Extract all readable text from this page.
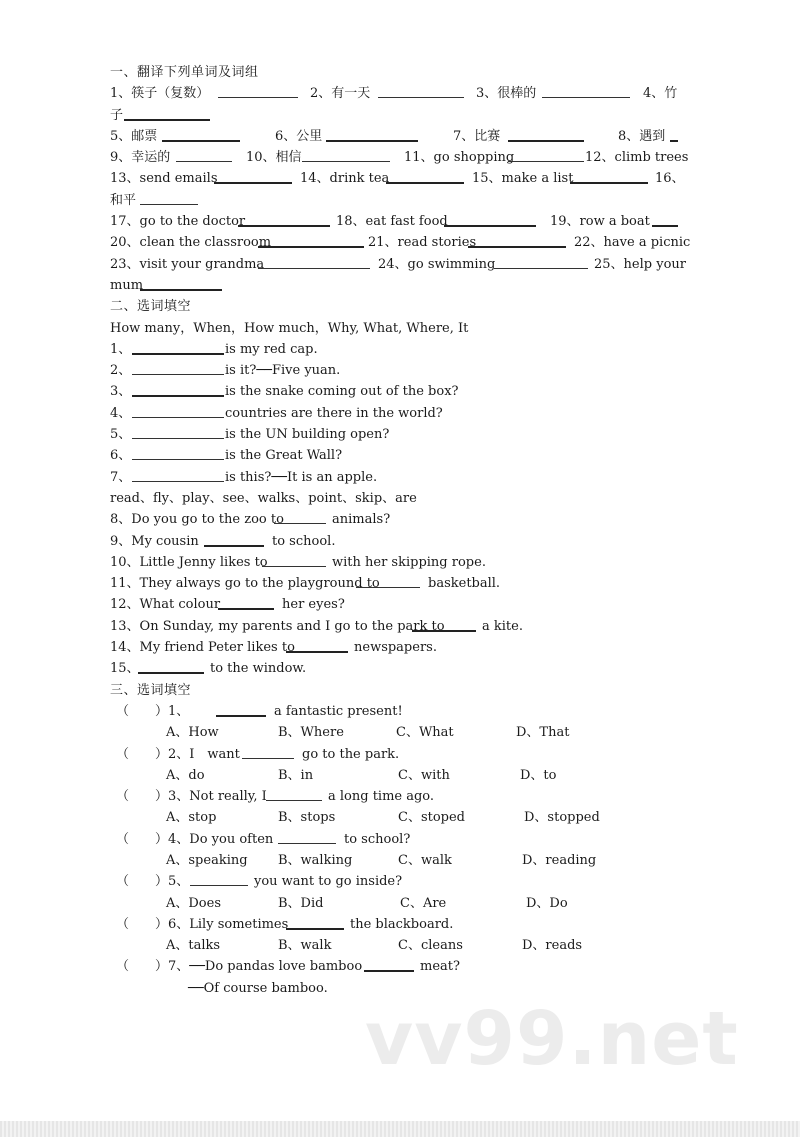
一、翻译下列单词及词组
1、筷子（复数）	2、有一天	3、很棒的	4、竹
子
5、邮票	6、公里	7、比赛	8、遇到
9、幸运的	10、相信	11、go shopping	12、climb trees
13、send emails	14、drink tea	15、make a list	16、
和平
17、go to the doctor	18、eat fast food	19、row a boat
20、clean the classroom	21、read stories	22、have a picnic
23、visit your grandma	24、go swimming	25、help your
mum
二、选词填空
How many，When，How much，Why, What, Where, It
1、	is my red cap.
2、	is it?──Five yuan.
3、	is the snake coming out of the box?
4、	countries are there in the world?
5、	is the UN building open?
6、	is the Great Wall?
7、	is this?──It is an apple.
read、fly、play、see、walks、point、skip、are
8、Do you go to the zoo to	animals?
9、My cousin	to school.
10、Little Jenny likes to	with her skipping rope.
11、They always go to the playground to	basketball.
12、What colour	her eyes?
13、On Sunday, my parents and I go to the park to	a kite.
14、My friend Peter likes to	newspapers.
15、	to the window.
三、选词填空
（　　）1、	a fantastic present!
A、How	B、Where	C、What	D、That
（　　）2、I　want	go to the park.
A、do	B、in	C、with	D、to
（　　）3、Not really, I	a long time ago.
A、stop	B、stops	C、stoped	D、stopped
（　　）4、Do you often	to school?
A、speaking B、walking	C、walk	D、reading
（　　）5、	you want to go inside?
A、Does	B、Did	C、Are	D、Do
（　　）6、Lily sometimes	the blackboard.
A、talks	B、walk	C、cleans	D、reads
（　　）7、──Do pandas love bamboo	meat?
──Of course bamboo.
vv99.net
